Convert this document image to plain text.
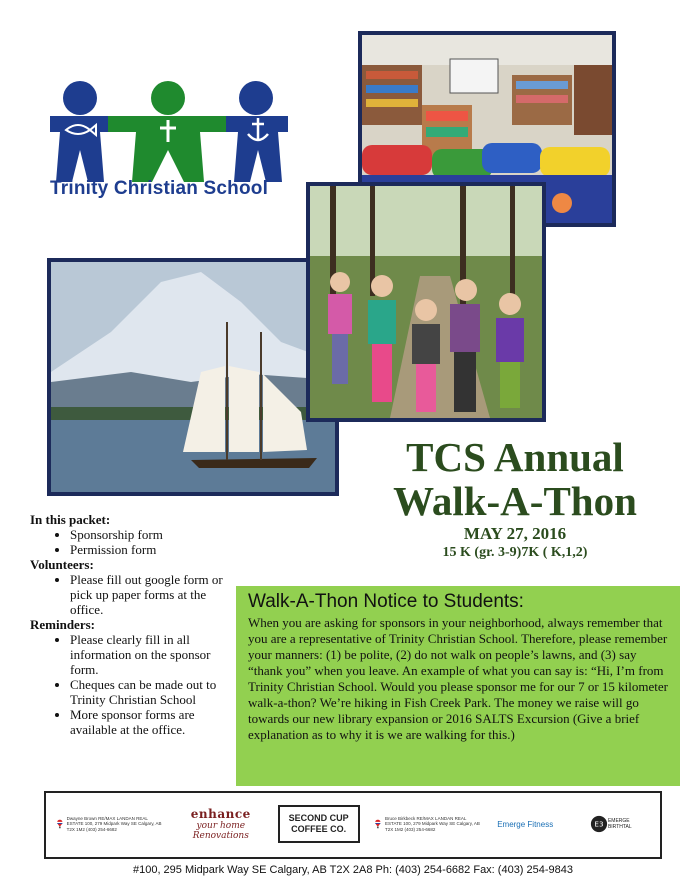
Trinity Christian School
TCS Annual
Walk-A-Thon
MAY 27, 2016
15 K (gr. 3-9)7K ( K,1,2)
In this packet:
• Sponsorship form
• Permission form
Volunteers:
• Please fill out google form or pick up paper forms at the office.
Reminders:
• Please clearly fill in all information on the sponsor form.
• Cheques can be made out to Trinity Christian School
• More sponsor forms are available at the office.
Walk-A-Thon Notice to Students:
When you are asking for sponsors in your neighborhood, always remember that you are a representative of Trinity Christian School. Therefore, please remember your manners: (1) be polite, (2) do not walk on people’s lawns, and (3) say “thank you” when you leave. An example of what you can say is: “Hi, I’m from Trinity Christian School. Would you please sponsor me for our 7 or 15 kilometer walk-a-thon? We’re hiking in Fish Creek Park. The money we raise will go towards our new library expansion or 2016 SALTS Excursion (Give a brief explanation as to why it is we are walking for this.)
Dwayne Brown RE/MAX LANDAN REAL ESTATE 100, 279 Midpark Way SE Calgary, AB T2X 1M2 (403) 254-6682
enhance
your home
Renovations
SECOND CUP
COFFEE CO.
Bruce Birkbeck RE/MAX LANDAN REAL ESTATE 100, 279 Midpark Way SE Calgary, AB T2X 1M2 (403) 254-6682
Emerge Fitness	E3 EMERGE BIRTHTAL
#100, 295 Midpark Way SE Calgary, AB T2X 2A8 Ph: (403) 254-6682 Fax: (403) 254-9843
